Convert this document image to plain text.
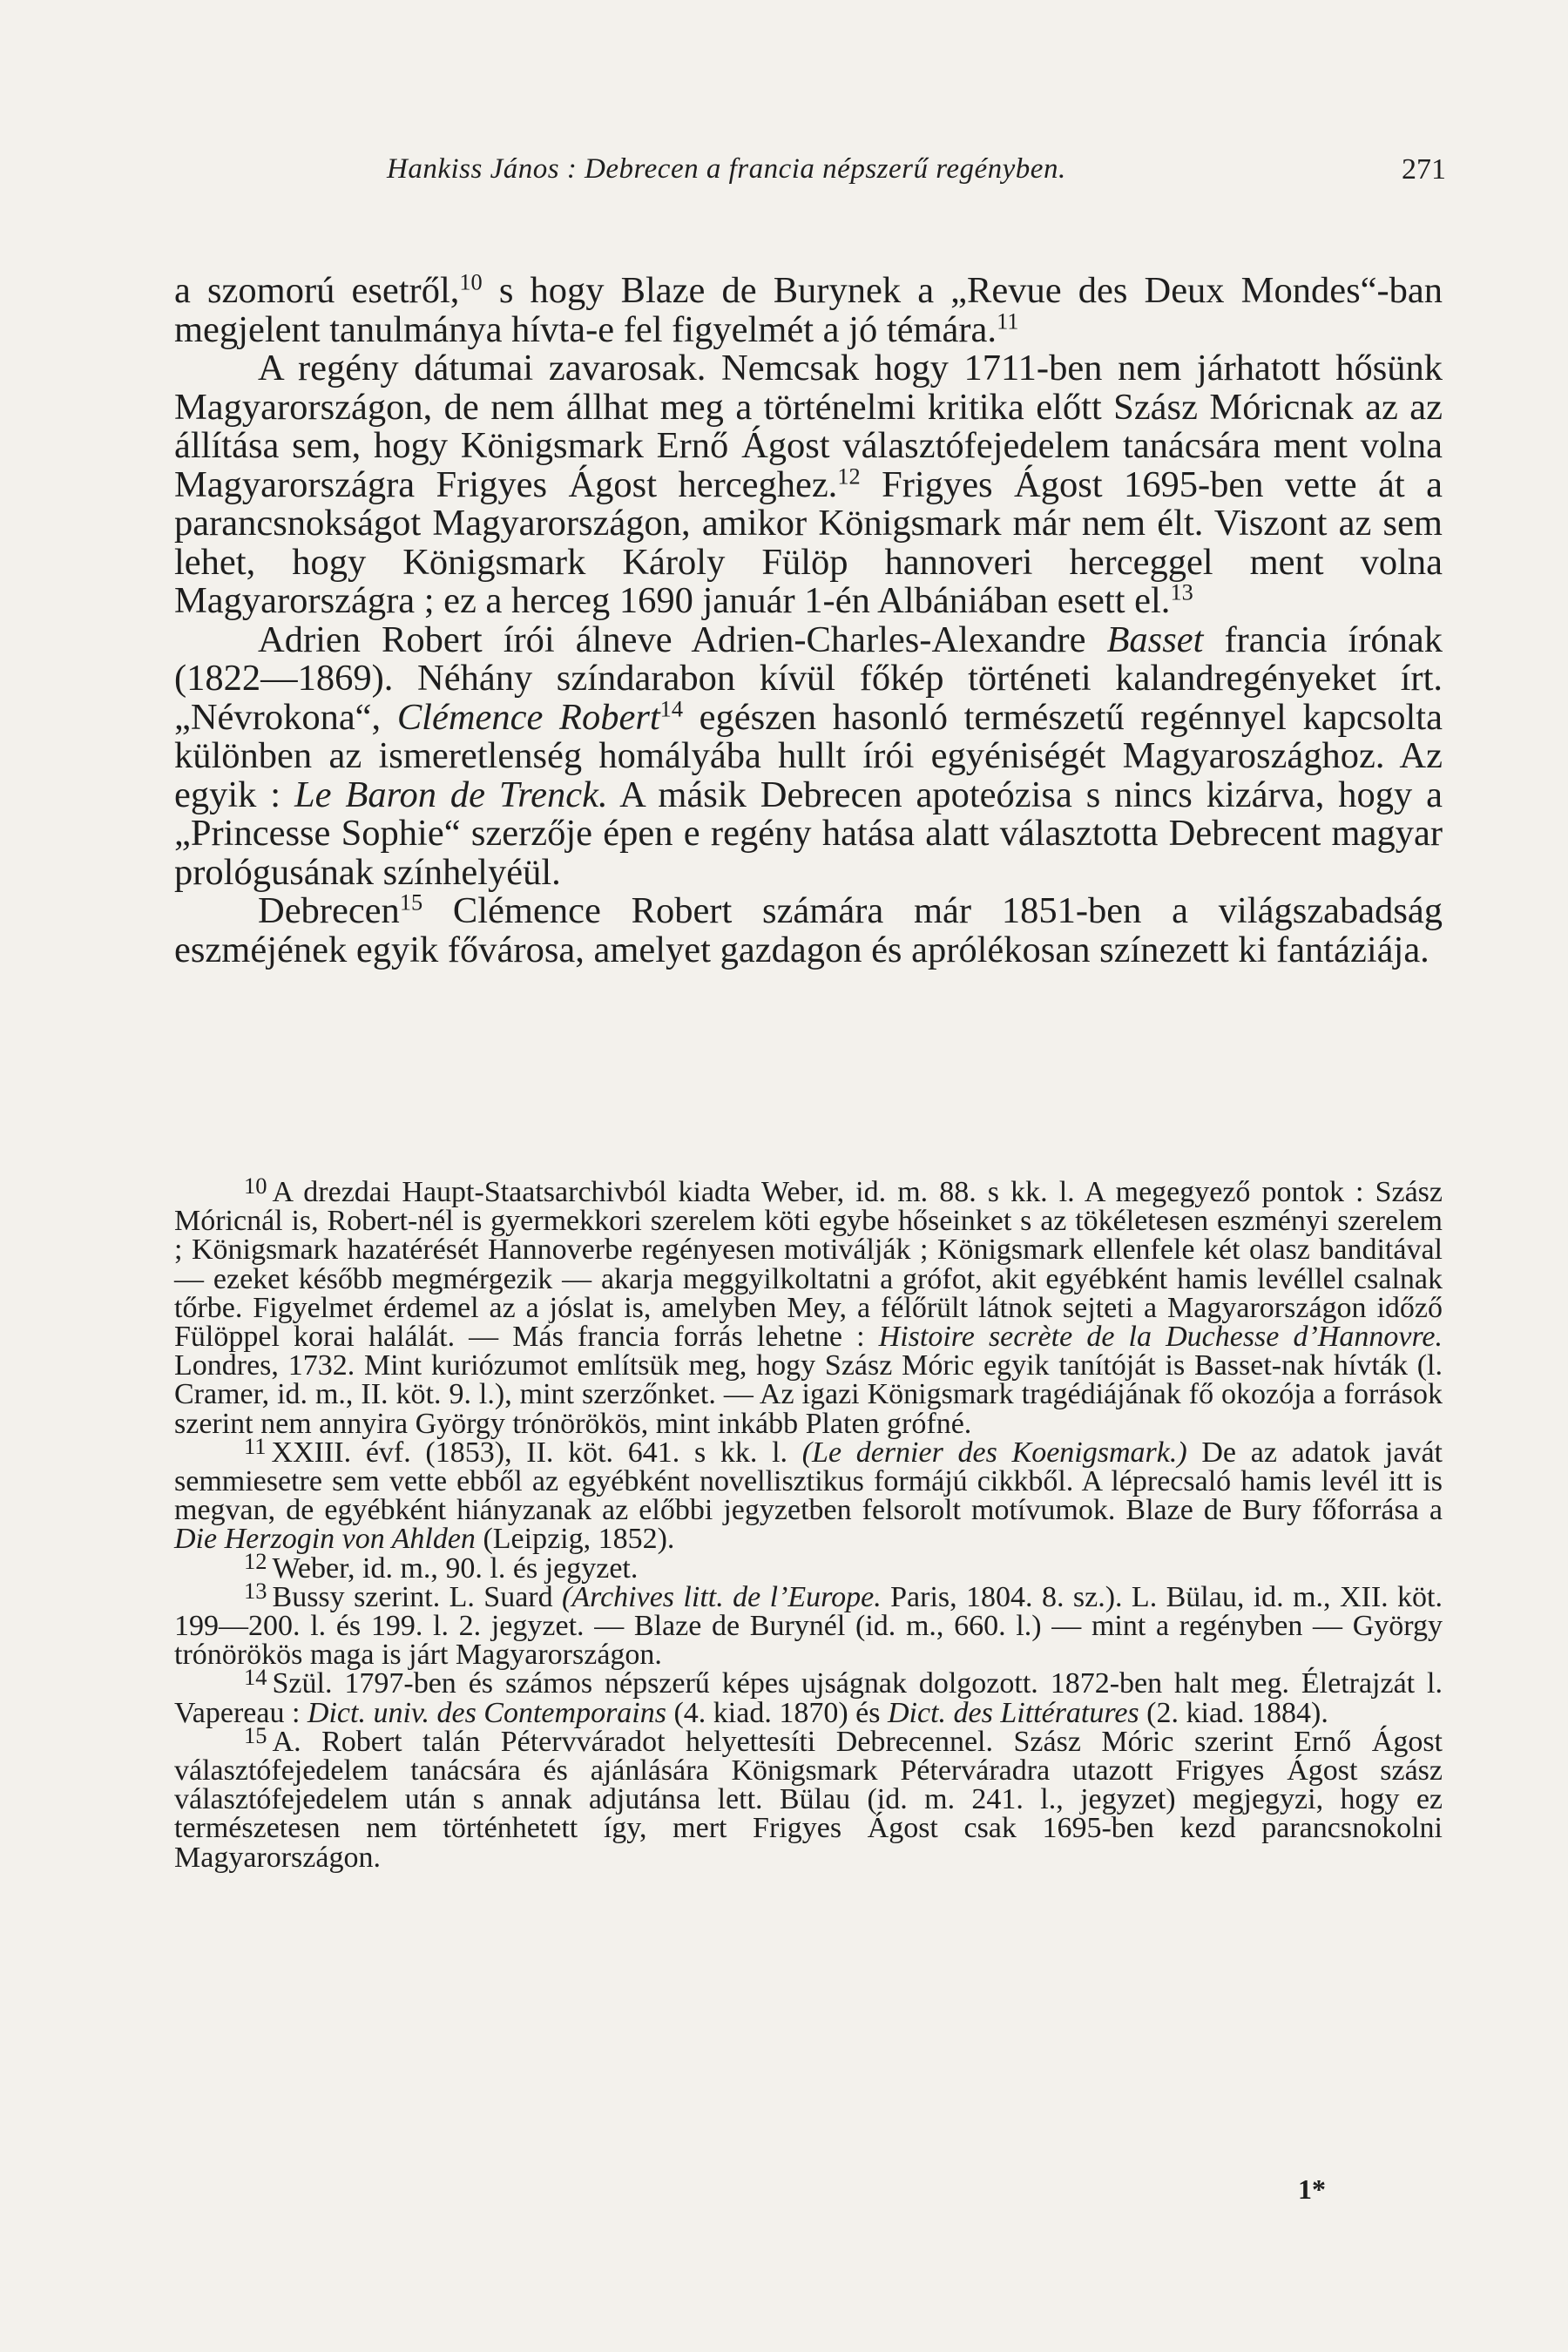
Hankiss János : Debrecen a francia népszerű regényben.	271

a szomorú esetről,$^{10}$ s hogy Blaze de Burynek a „Revue des Deux Mondes“-ban megjelent tanulmánya hívta-e fel figyelmét a jó témára.$^{11}$

A regény dátumai zavarosak. Nemcsak hogy 1711-ben nem járhatott hősünk Magyarországon, de nem állhat meg a történelmi kritika előtt Szász Móricnak az az állítása sem, hogy Königsmark Ernő Ágost választófejedelem tanácsára ment volna Magyarországra Frigyes Ágost herceghez.$^{12}$ Frigyes Ágost 1695-ben vette át a parancsnokságot Magyarországon, amikor Königsmark már nem élt. Viszont az sem lehet, hogy Königsmark Károly Fülöp hannoveri herceggel ment volna Magyarországra ; ez a herceg 1690 január 1-én Albániában esett el.$^{13}$

Adrien Robert írói álneve Adrien-Charles-Alexandre Basset francia írónak (1822—1869). Néhány színdarabon kívül főkép történeti kalandregényeket írt. „Névrokona“, Clémence Robert$^{14}$ egészen hasonló természetű regénnyel kapcsolta különben az ismeretlenség homályába hullt írói egyéniségét Magyaroszághoz. Az egyik : Le Baron de Trenck. A másik Debrecen apoteózisa s nincs kizárva, hogy a „Princesse Sophie“ szerzője épen e regény hatása alatt választotta Debrecent magyar prológusának színhelyéül.

Debrecen$^{15}$ Clémence Robert számára már 1851-ben a világszabadság eszméjének egyik fővárosa, amelyet gazdagon és aprólékosan színezett ki fantáziája.

$^{10}$ A drezdai Haupt-Staatsarchivból kiadta Weber, id. m. 88. s kk. l. A megegyező pontok : Szász Móricnál is, Robert-nél is gyermekkori szerelem köti egybe hőseinket s az tökéletesen eszményi szerelem ; Königsmark hazatérését Hannoverbe regényesen motiválják ; Königsmark ellenfele két olasz banditával — ezeket később megmérgezik — akarja meggyilkoltatni a grófot, akit egyébként hamis levéllel csalnak tőrbe. Figyelmet érdemel az a jóslat is, amelyben Mey, a félőrült látnok sejteti a Magyarországon időző Fülöppel korai halálát. — Más francia forrás lehetne : Histoire secrète de la Duchesse d’Hannovre. Londres, 1732. Mint kuriózumot említsük meg, hogy Szász Móric egyik tanítóját is Basset-nak hívták (l. Cramer, id. m., II. köt. 9. l.), mint szerzőnket. — Az igazi Königsmark tragédiájának fő okozója a források szerint nem annyira György trónörökös, mint inkább Platen grófné.

$^{11}$ XXIII. évf. (1853), II. köt. 641. s kk. l. (Le dernier des Koenigsmark.) De az adatok javát semmiesetre sem vette ebből az egyébként novellisztikus formájú cikkből. A léprecsaló hamis levél itt is megvan, de egyébként hiányzanak az előbbi jegyzetben felsorolt motívumok. Blaze de Bury főforrása a Die Herzogin von Ahlden (Leipzig, 1852).

$^{12}$ Weber, id. m., 90. l. és jegyzet.

$^{13}$ Bussy szerint. L. Suard (Archives litt. de l’Europe. Paris, 1804. 8. sz.). L. Bülau, id. m., XII. köt. 199—200. l. és 199. l. 2. jegyzet. — Blaze de Burynél (id. m., 660. l.) — mint a regényben — György trónörökös maga is járt Magyarországon.

$^{14}$ Szül. 1797-ben és számos népszerű képes ujságnak dolgozott. 1872-ben halt meg. Életrajzát l. Vapereau : Dict. univ. des Contemporains (4. kiad. 1870) és Dict. des Littératures (2. kiad. 1884).

$^{15}$ A. Robert talán Pétervváradot helyettesíti Debrecennel. Szász Móric szerint Ernő Ágost választófejedelem tanácsára és ajánlására Königsmark Péterváradra utazott Frigyes Ágost szász választófejedelem után s annak adjutánsa lett. Bülau (id. m. 241. l., jegyzet) megjegyzi, hogy ez természetesen nem történhetett így, mert Frigyes Ágost csak 1695-ben kezd parancsnokolni Magyarországon.

1*
